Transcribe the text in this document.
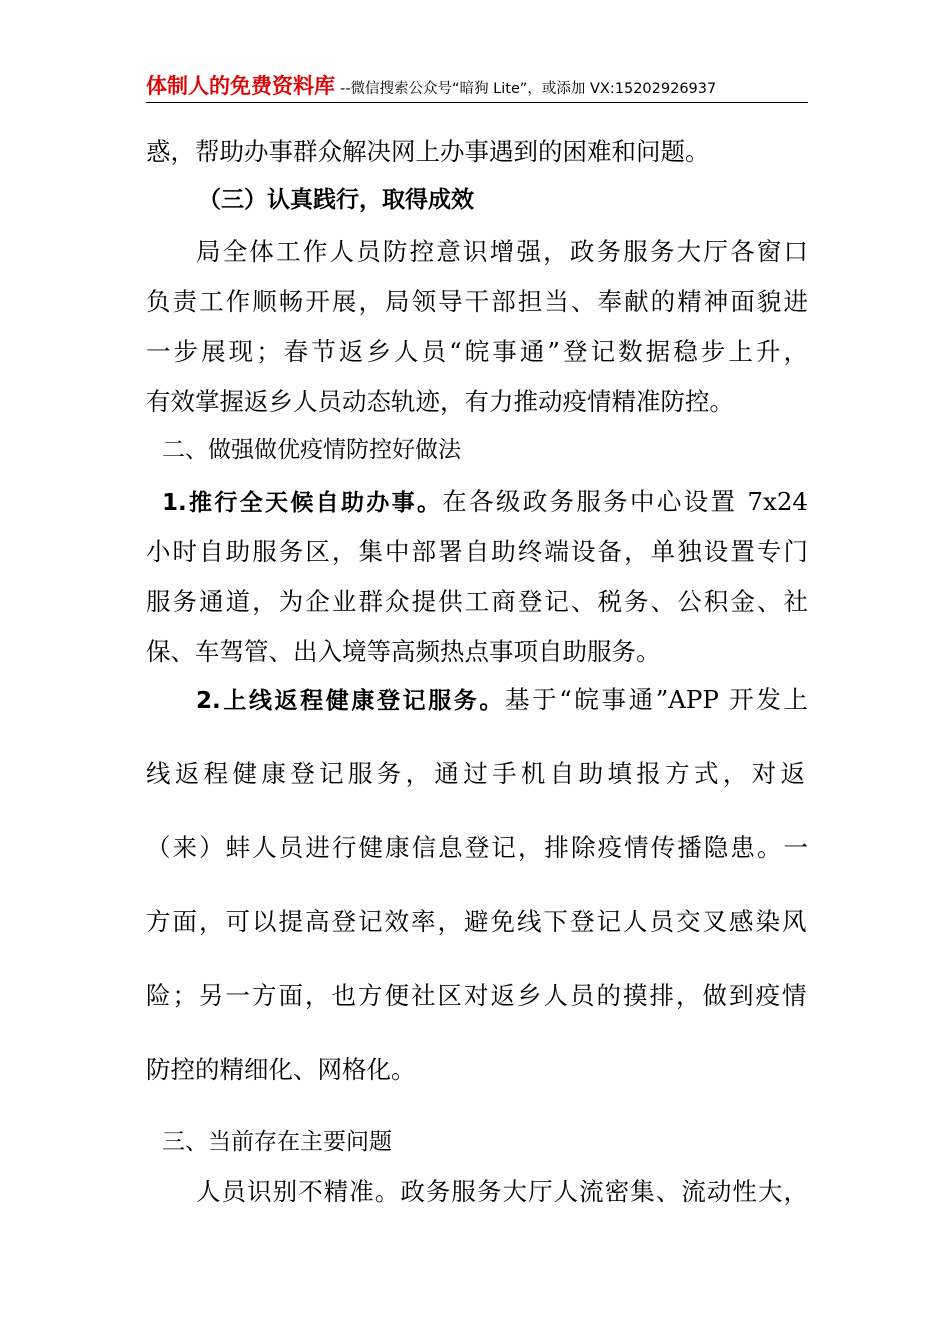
体制人的免费资料库 --微信搜索公众号“暗狗 Lite”，或添加 VX:15202926937
惑，帮助办事群众解决网上办事遇到的困难和问题。
（三）认真践行，取得成效
局全体工作人员防控意识增强，政务服务大厅各窗口
负责工作顺畅开展，局领导干部担当、奉献的精神面貌进
一步展现；春节返乡人员“皖事通”登记数据稳步上升，
有效掌握返乡人员动态轨迹，有力推动疫情精准防控。
二、做强做优疫情防控好做法
1.推行全天候自助办事。在各级政务服务中心设置 7x24
小时自助服务区，集中部署自助终端设备，单独设置专门
服务通道，为企业群众提供工商登记、税务、公积金、社
保、车驾管、出入境等高频热点事项自助服务。
2.上线返程健康登记服务。基于“皖事通”APP 开发上
线返程健康登记服务，通过手机自助填报方式，对返
（来）蚌人员进行健康信息登记，排除疫情传播隐患。一
方面，可以提高登记效率，避免线下登记人员交叉感染风
险；另一方面，也方便社区对返乡人员的摸排，做到疫情
防控的精细化、网格化。
三、当前存在主要问题
人员识别不精准。政务服务大厅人流密集、流动性大，
